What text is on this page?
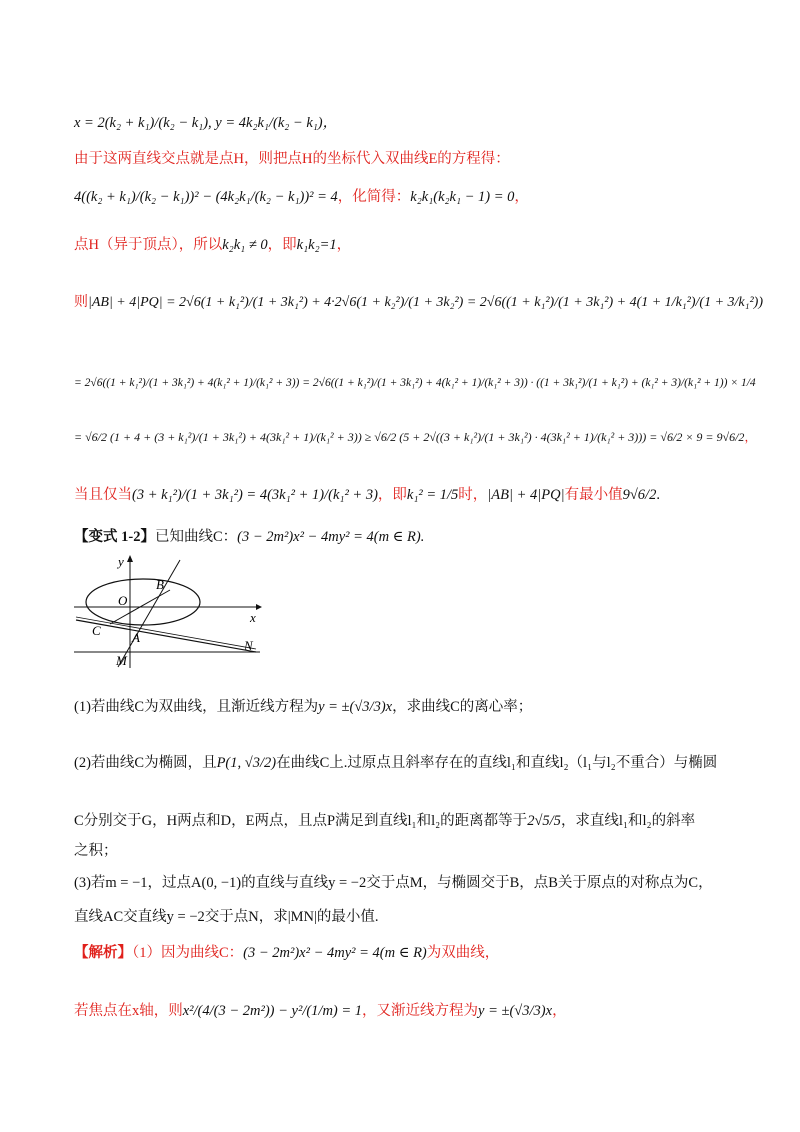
x = 2(k₂ + k₁)/(k₂ − k₁), y = 4k₂k₁/(k₂ − k₁)，
由于这两直线交点就是点H，则把点H的坐标代入双曲线E的方程得：
4((k₂ + k₁)/(k₂ − k₁))² − (4k₂k₁/(k₂ − k₁))² = 4，化简得：k₂k₁(k₂k₁ − 1) = 0，
点H（异于顶点），所以k₂k₁ ≠ 0，即k₁k₂=1，
则|AB| + 4|PQ| = 2√6(1 + k₁²)/(1 + 3k₁²) + 4·2√6(1 + k₂²)/(1 + 3k₂²) = 2√6((1 + k₁²)/(1 + 3k₁²) + 4(1 + 1/k₁²)/(1 + 3/k₁²))
= 2√6((1 + k₁²)/(1 + 3k₁²) + 4(k₁² + 1)/(k₁² + 3)) = 2√6((1 + k₁²)/(1 + 3k₁²) + 4(k₁² + 1)/(k₁² + 3)) · ((1 + 3k₁²)/(1 + k₁²) + (k₁² + 3)/(k₁² + 1)) × 1/4
= √6/2 (1 + 4 + (3 + k₁²)/(1 + 3k₁²) + 4(3k₁² + 1)/(k₁² + 3)) ≥ √6/2 (5 + 2√((3 + k₁²)/(1 + 3k₁²) · 4(3k₁² + 1)/(k₁² + 3))) = √6/2 × 9 = 9√6/2，
当且仅当(3 + k₁²)/(1 + 3k₁²) = 4(3k₁² + 1)/(k₁² + 3)，即k₁² = 1/5时，|AB| + 4|PQ|有最小值9√6/2.
【变式 1-2】已知曲线C：(3 − 2m²)x² − 4my² = 4(m ∈ R).
y
x
O
B
C A
M
N
(1)若曲线C为双曲线，且渐近线方程为y = ±(√3/3)x，求曲线C的离心率；
(2)若曲线C为椭圆，且P(1, √3/2)在曲线C上.过原点且斜率存在的直线l₁和直线l₂（l₁与l₂不重合）与椭圆
C分别交于G，H两点和D，E两点，且点P满足到直线l₁和l₂的距离都等于2√5/5，求直线l₁和l₂的斜率
之积；
(3)若m = −1，过点A(0, −1)的直线与直线y = −2交于点M，与椭圆交于B，点B关于原点的对称点为C，
直线AC交直线y = −2交于点N，求|MN|的最小值.
【解析】（1）因为曲线C：(3 − 2m²)x² − 4my² = 4(m ∈ R)为双曲线，
若焦点在x轴，则x²/(4/(3 − 2m²)) − y²/(1/m) = 1，又渐近线方程为y = ±(√3/3)x，
